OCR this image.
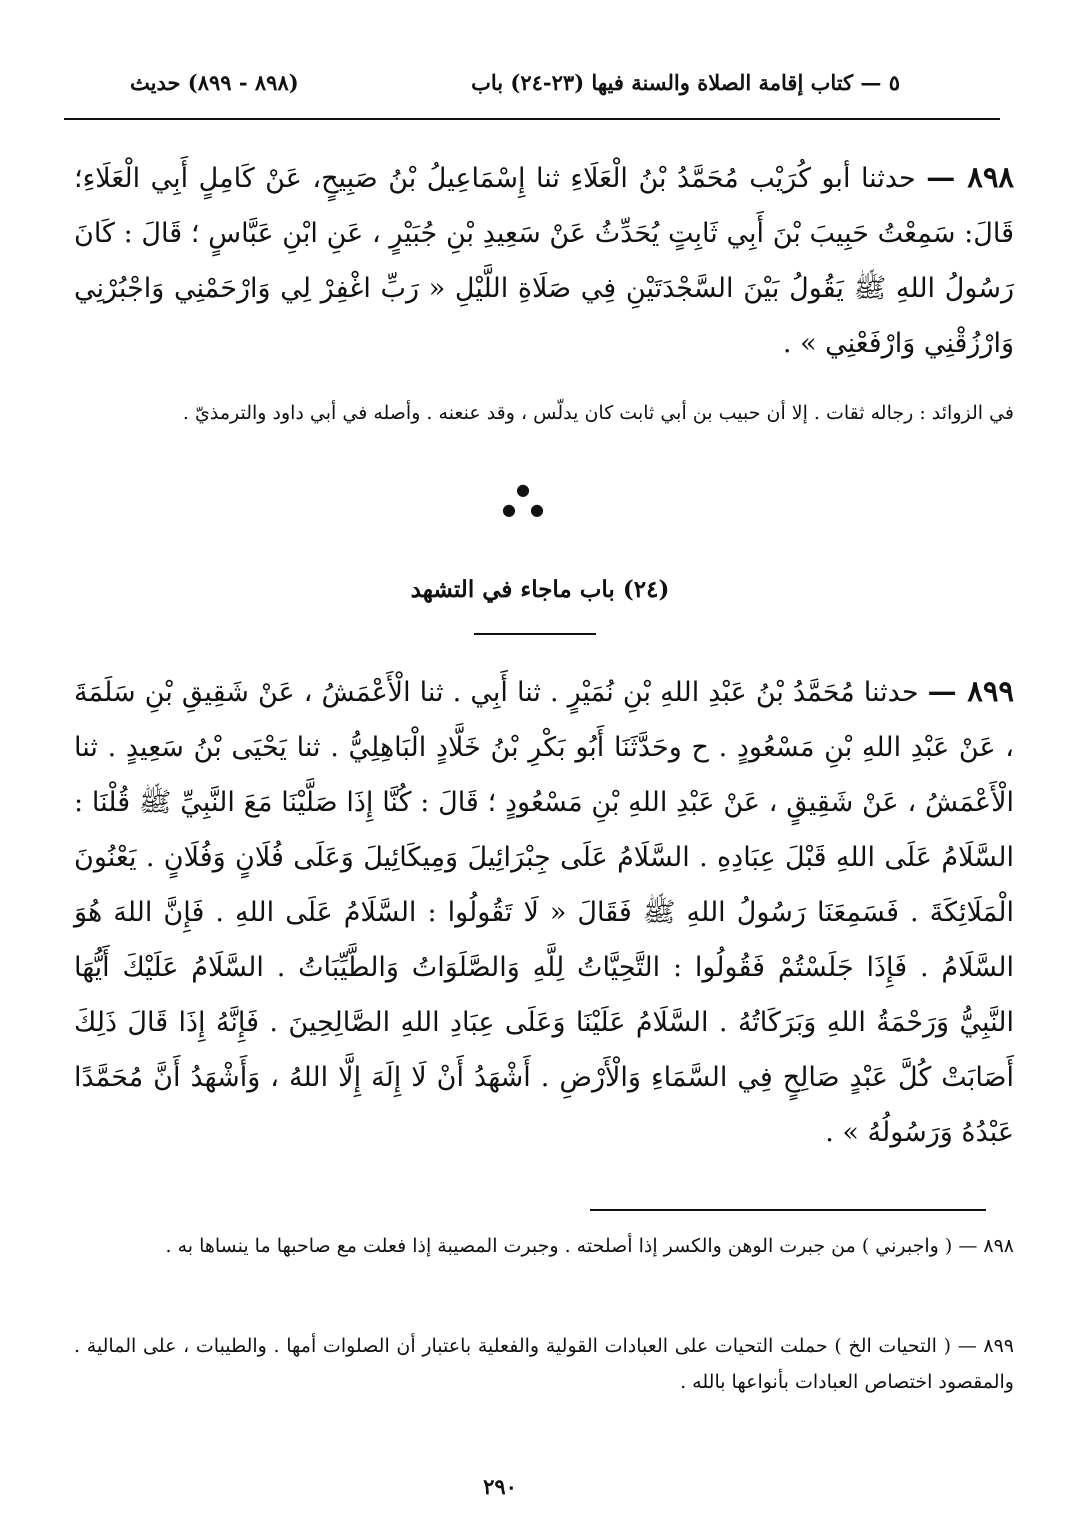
٥ — كتاب إقامة الصلاة والسنة فيها (٢٣-٢٤) باب
(٨٩٨ - ٨٩٩) حديث
٨٩٨ — حدثنا أبو كُرَيْب مُحَمَّدُ بْنُ الْعَلَاءِ ثنا إِسْمَاعِيلُ بْنُ صَبِيحٍ، عَنْ كَامِلٍ أَبِي الْعَلَاءِ؛ قَالَ: سَمِعْتُ حَبِيبَ بْنَ أَبِي ثَابِتٍ يُحَدِّثُ عَنْ سَعِيدِ بْنِ جُبَيْرٍ ، عَنِ ابْنِ عَبَّاسٍ ؛ قَالَ : كَانَ رَسُولُ اللهِ ﷺ يَقُولُ بَيْنَ السَّجْدَتَيْنِ فِي صَلَاةِ اللَّيْلِ « رَبِّ اغْفِرْ لِي وَارْحَمْنِي وَاجْبُرْنِي وَارْزُقْنِي وَارْفَعْنِي » .
في الزوائد : رجاله ثقات . إلا أن حبيب بن أبي ثابت كان يدلّس ، وقد عنعنه . وأصله في أبي داود والترمذيّ .
●
● ●
(٢٤) باب ماجاء في التشهد
٨٩٩ — حدثنا مُحَمَّدُ بْنُ عَبْدِ اللهِ بْنِ نُمَيْرٍ . ثنا أَبِي . ثنا الْأَعْمَشُ ، عَنْ شَقِيقِ بْنِ سَلَمَةَ ، عَنْ عَبْدِ اللهِ بْنِ مَسْعُودٍ . ح وحَدَّثَنَا أَبُو بَكْرِ بْنُ خَلَّادٍ الْبَاهِلِيُّ . ثنا يَحْيَى بْنُ سَعِيدٍ . ثنا الْأَعْمَشُ ، عَنْ شَقِيقٍ ، عَنْ عَبْدِ اللهِ بْنِ مَسْعُودٍ ؛ قَالَ : كُنَّا إِذَا صَلَّيْنَا مَعَ النَّبِيِّ ﷺ قُلْنَا : السَّلَامُ عَلَى اللهِ قَبْلَ عِبَادِهِ . السَّلَامُ عَلَى جِبْرَائِيلَ وَمِيكَائِيلَ وَعَلَى فُلَانٍ وَفُلَانٍ . يَعْنُونَ الْمَلَائِكَةَ . فَسَمِعَنَا رَسُولُ اللهِ ﷺ فَقَالَ « لَا تَقُولُوا : السَّلَامُ عَلَى اللهِ . فَإِنَّ اللهَ هُوَ السَّلَامُ . فَإِذَا جَلَسْتُمْ فَقُولُوا : التَّحِيَّاتُ لِلَّهِ وَالصَّلَوَاتُ وَالطَّيِّبَاتُ . السَّلَامُ عَلَيْكَ أَيُّهَا النَّبِيُّ وَرَحْمَةُ اللهِ وَبَرَكَاتُهُ . السَّلَامُ عَلَيْنَا وَعَلَى عِبَادِ اللهِ الصَّالِحِينَ . فَإِنَّهُ إِذَا قَالَ ذَلِكَ أَصَابَتْ كُلَّ عَبْدٍ صَالِحٍ فِي السَّمَاءِ وَالْأَرْضِ . أَشْهَدُ أَنْ لَا إِلَهَ إِلَّا اللهُ ، وَأَشْهَدُ أَنَّ مُحَمَّدًا عَبْدُهُ وَرَسُولُهُ » .
٨٩٨ — ( واجبرني ) من جبرت الوهن والكسر إذا أصلحته . وجبرت المصيبة إذا فعلت مع صاحبها ما ينساها به .
٨٩٩ — ( التحيات الخ ) حملت التحيات على العبادات القولية والفعلية باعتبار أن الصلوات أمها . والطيبات ، على المالية . والمقصود اختصاص العبادات بأنواعها بالله .
٢٩٠
